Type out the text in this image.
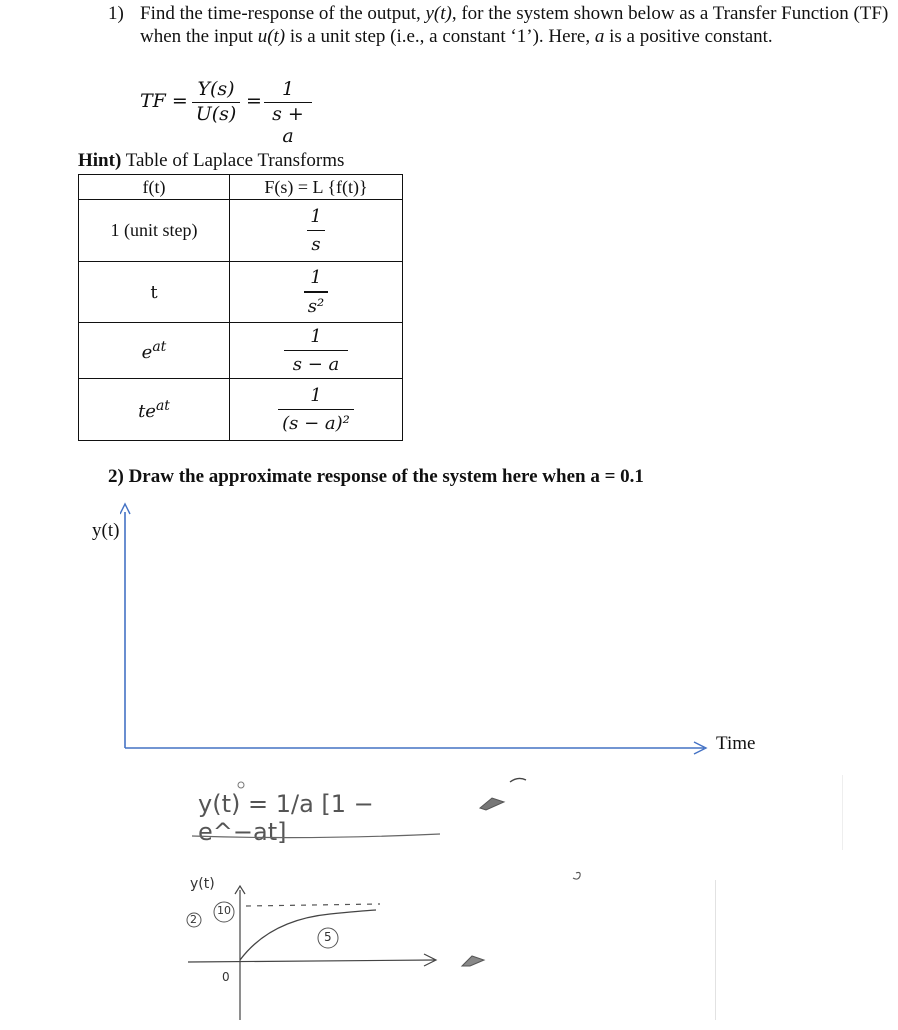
1) Find the time-response of the output, y(t), for the system shown below as a Transfer Function (TF) when the input u(t) is a unit step (i.e., a constant ‘1’). Here, a is a positive constant.
TF =
Y(s)
U(s)
=
1
s + a
Hint) Table of Laplace Transforms
f(t)	F(s) = L {f(t)}
1 (unit step)	$\frac{1}{s}$

t	$\frac{1}{\text{s²}}$

$e^{at}$	$\frac{1}{s - a}$

$te^{at}$	$\frac{1}{\text{(s − a)²}}$
2) Draw the approximate response of the system here when a = 0.1
y(t)
Time
y(t) = 1/a [1 − e^−at]
y(t)
10
2
5
0
